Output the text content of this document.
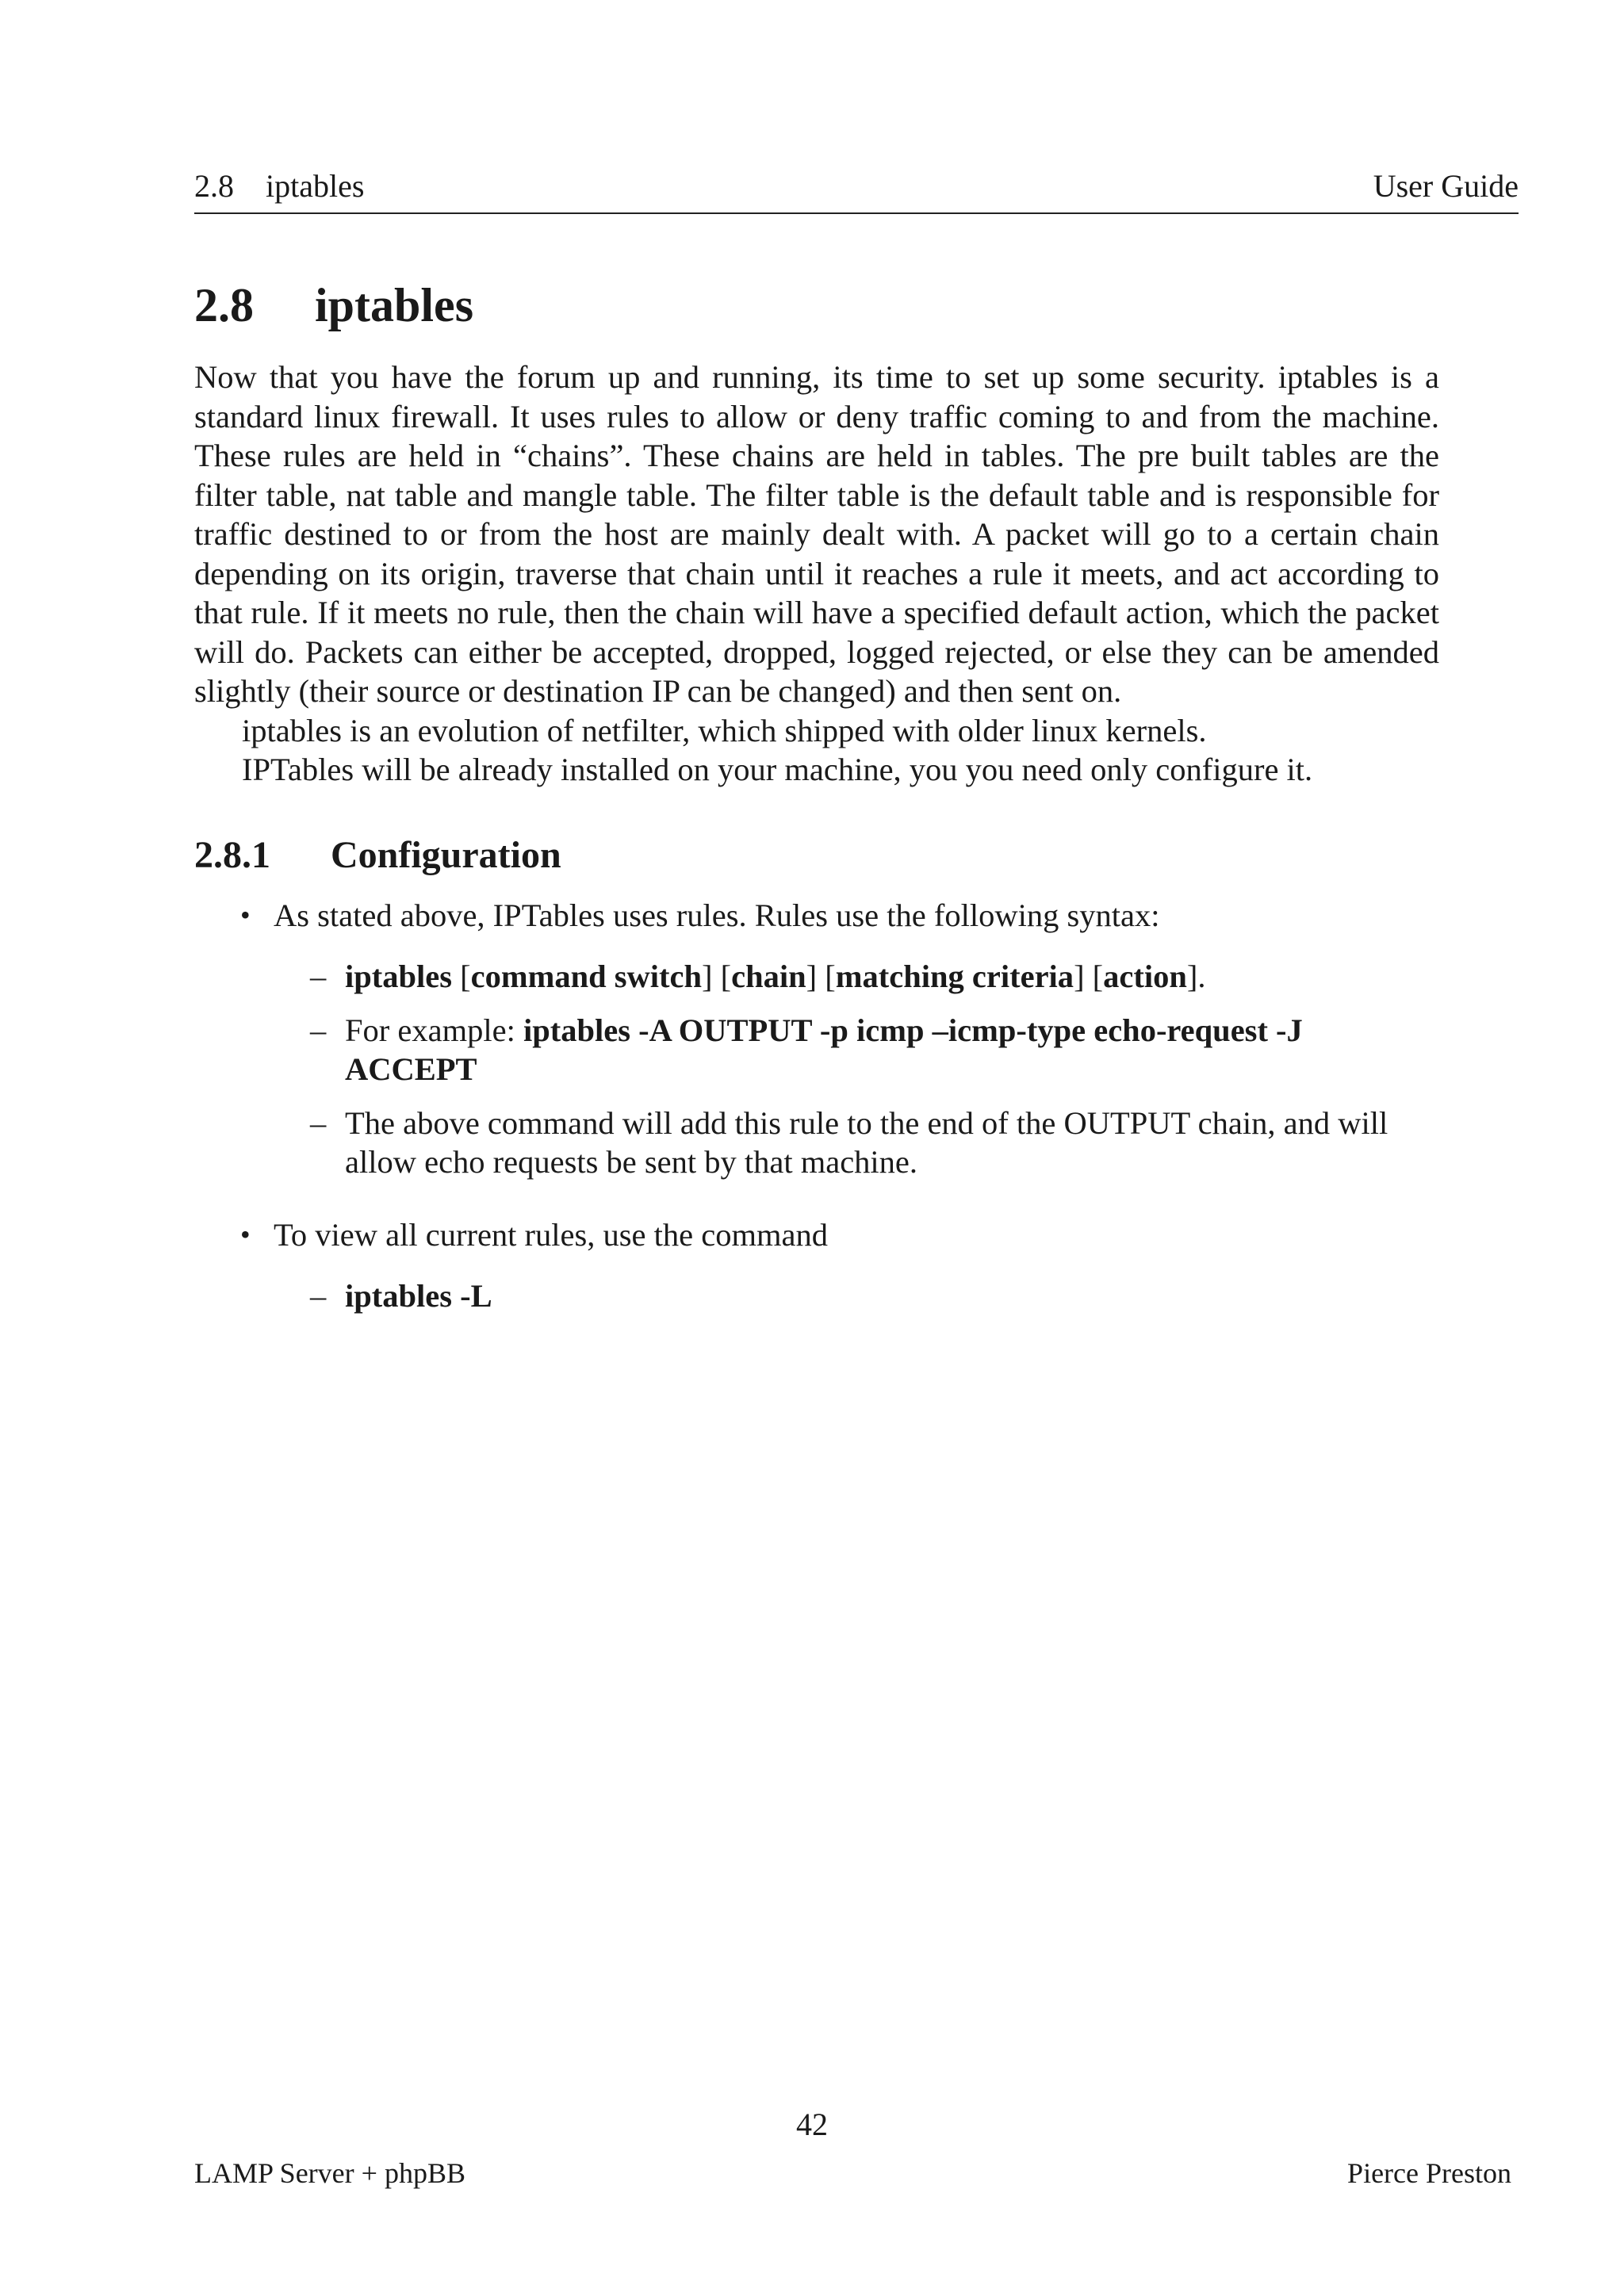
2.8 iptables	User Guide
2.8 iptables

Now that you have the forum up and running, its time to set up some security. iptables is a standard linux firewall. It uses rules to allow or deny traffic coming to and from the machine. These rules are held in “chains”. These chains are held in tables. The pre built tables are the filter table, nat table and mangle table. The filter table is the default table and is responsible for traffic destined to or from the host are mainly dealt with. A packet will go to a certain chain depending on its origin, traverse that chain until it reaches a rule it meets, and act according to that rule. If it meets no rule, then the chain will have a specified default action, which the packet will do. Packets can either be accepted, dropped, logged rejected, or else they can be amended slightly (their source or destination IP can be changed) and then sent on.

iptables is an evolution of netfilter, which shipped with older linux kernels.

IPTables will be already installed on your machine, you you need only configure it.

2.8.1 Configuration
• As stated above, IPTables uses rules. Rules use the following syntax:
– iptables [command switch] [chain] [matching criteria] [action].
– For example: iptables -A OUTPUT -p icmp –icmp-type echo-request -J ACCEPT
– The above command will add this rule to the end of the OUTPUT chain, and will allow echo requests be sent by that machine.
• To view all current rules, use the command
– iptables -L
42
LAMP Server + phpBB	Pierce Preston
